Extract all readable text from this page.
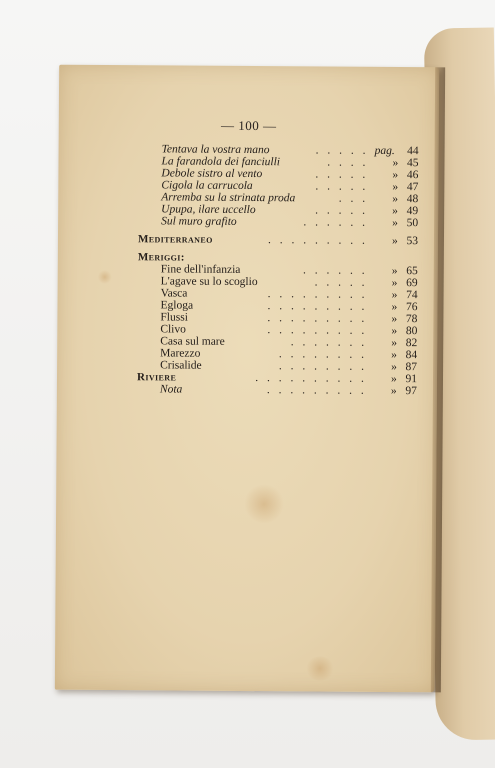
— 100 —
Tentava la vostra mano	. . . . . pag.	44
La farandola dei fanciulli	. . . . » 45
Debole sistro al vento	. . . . . » 46
Cigola la carrucola	. . . . . » 47
Arremba su la strinata proda	. . . » 48
Upupa, ilare uccello	. . . . . » 49
Sul muro grafito	. . . . . . » 50
Mediterraneo	. . . . . . . . . » 53
Meriggi:
Fine dell'infanzia	. . . . . . » 65
L'agave su lo scoglio	. . . . . » 69
Vasca	. . . . . . . . . » 74
Egloga	. . . . . . . . . » 76
Flussi	. . . . . . . . . » 78
Clivo	. . . . . . . . . » 80
Casa sul mare	. . . . . . . » 82
Marezzo	. . . . . . . . » 84
Crisalide	. . . . . . . . » 87
Riviere	. . . . . . . . . . » 91
Nota	. . . . . . . . . » 97
